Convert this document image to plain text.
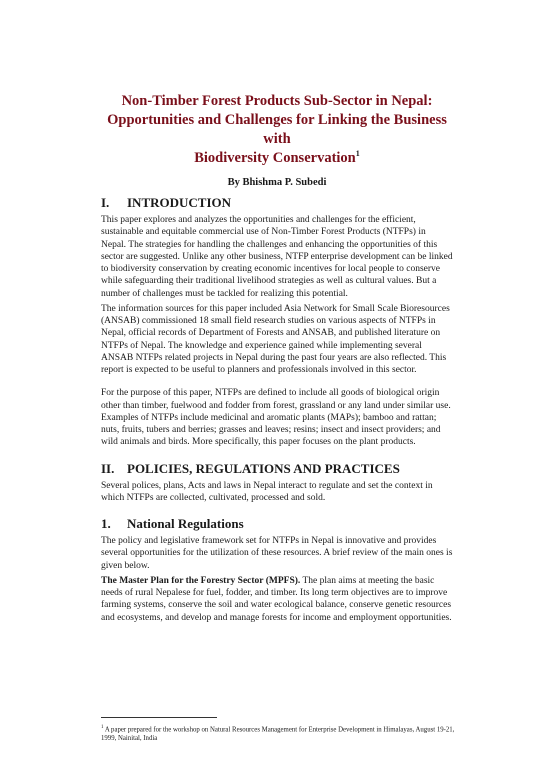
Non-Timber Forest Products Sub-Sector in Nepal:
Opportunities and Challenges for Linking the Business with
Biodiversity Conservation$^1$
By Bhishma P. Subedi
I. INTRODUCTION

This paper explores and analyzes the opportunities and challenges for the efficient, sustainable and equitable commercial use of Non-Timber Forest Products (NTFPs) in Nepal. The strategies for handling the challenges and enhancing the opportunities of this sector are suggested. Unlike any other business, NTFP enterprise development can be linked to biodiversity conservation by creating economic incentives for local people to conserve while safeguarding their traditional livelihood strategies as well as cultural values. But a number of challenges must be tackled for realizing this potential.

The information sources for this paper included Asia Network for Small Scale Bioresources (ANSAB) commissioned 18 small field research studies on various aspects of NTFPs in Nepal, official records of Department of Forests and ANSAB, and published literature on NTFPs of Nepal. The knowledge and experience gained while implementing several ANSAB NTFPs related projects in Nepal during the past four years are also reflected. This report is expected to be useful to planners and professionals involved in this sector.

For the purpose of this paper, NTFPs are defined to include all goods of biological origin other than timber, fuelwood and fodder from forest, grassland or any land under similar use. Examples of NTFPs include medicinal and aromatic plants (MAPs); bamboo and rattan; nuts, fruits, tubers and berries; grasses and leaves; resins; insect and insect providers; and wild animals and birds. More specifically, this paper focuses on the plant products.

II. POLICIES, REGULATIONS AND PRACTICES

Several polices, plans, Acts and laws in Nepal interact to regulate and set the context in which NTFPs are collected, cultivated, processed and sold.

1. National Regulations

The policy and legislative framework set for NTFPs in Nepal is innovative and provides several opportunities for the utilization of these resources. A brief review of the main ones is given below.

The Master Plan for the Forestry Sector (MPFS). The plan aims at meeting the basic needs of rural Nepalese for fuel, fodder, and timber. Its long term objectives are to improve farming systems, conserve the soil and water ecological balance, conserve genetic resources and ecosystems, and develop and manage forests for income and employment opportunities.

$^1$ A paper prepared for the workshop on Natural Resources Management for Enterprise Development in Himalayas, August 19-21, 1999, Nainital, India
